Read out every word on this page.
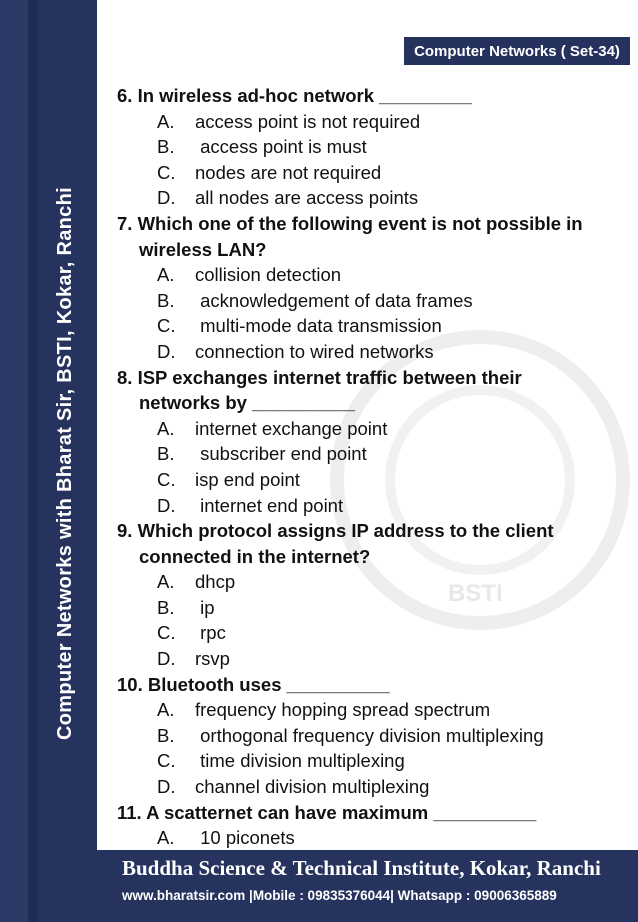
Computer Networks with Bharat Sir, BSTI, Kokar, Ranchi
Computer Networks ( Set-34)
BSTI
6. In wireless ad-hoc network _________
A.	access point is not required
B.	access point is must
C.	nodes are not required
D.	all nodes are access points
7. Which one of the following event is not possible in
wireless LAN?
A.	collision detection
B.	acknowledgement of data frames
C.	multi-mode data transmission
D.	connection to wired networks
8. ISP exchanges internet traffic between their
networks by __________
A.	internet exchange point
B.	subscriber end point
C.	isp end point
D.	internet end point
9. Which protocol assigns IP address to the client
connected in the internet?
A.	dhcp
B.	ip
C.	rpc
D.	rsvp
10. Bluetooth uses __________
A.	frequency hopping spread spectrum
B.	orthogonal frequency division multiplexing
C.	time division multiplexing
D.	channel division multiplexing
11. A scatternet can have maximum __________
A.	10 piconets
Buddha Science & Technical Institute, Kokar, Ranchi
www.bharatsir.com |Mobile : 09835376044| Whatsapp : 09006365889
